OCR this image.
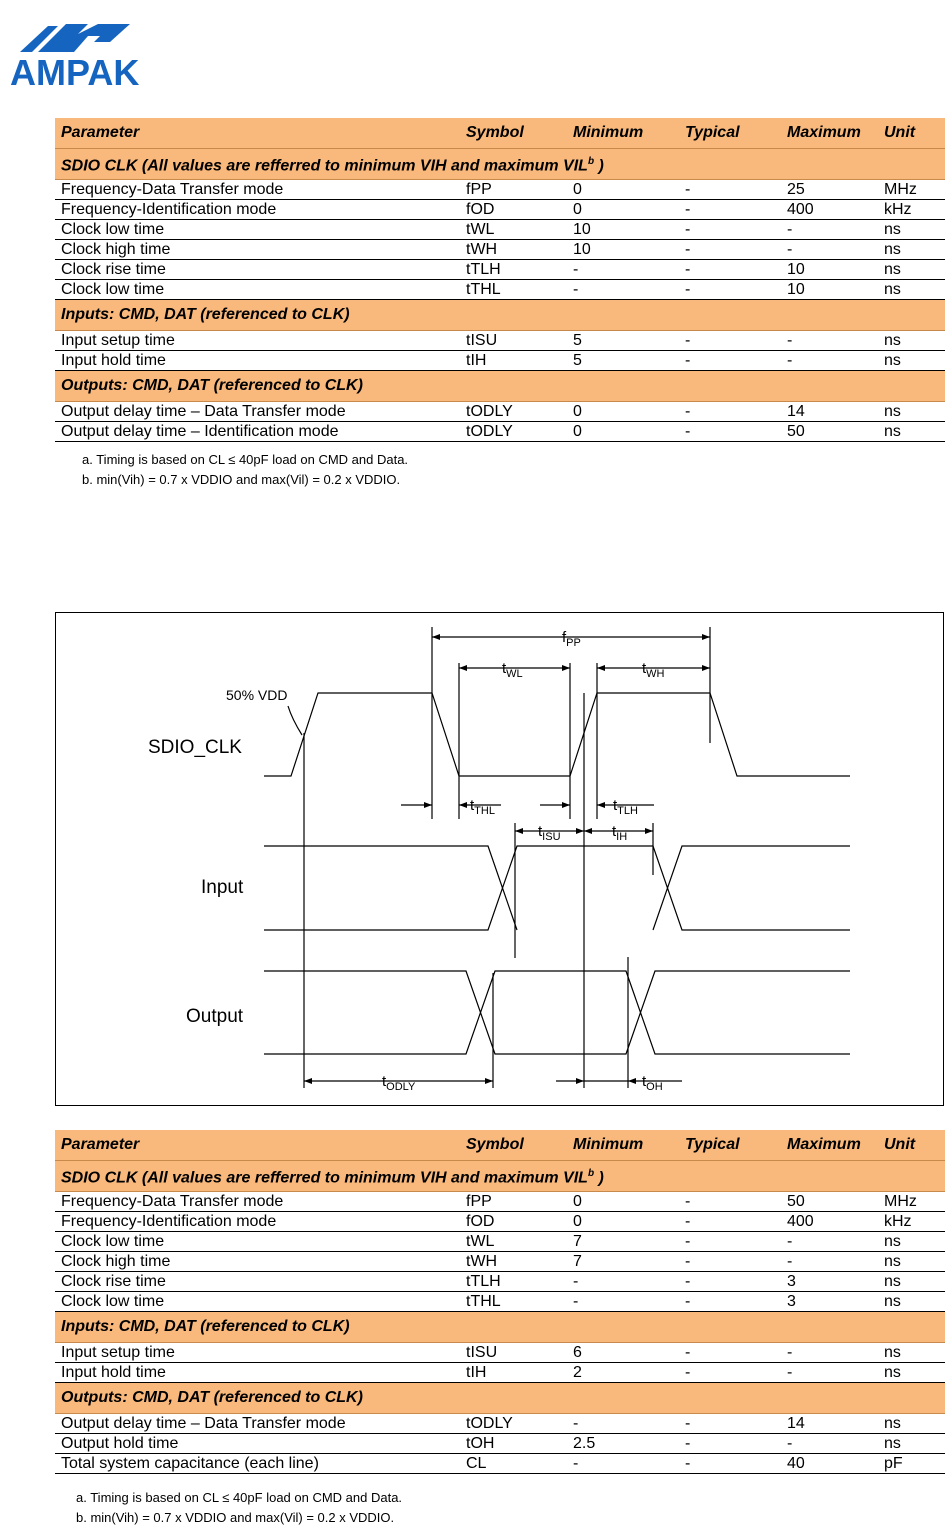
AMPAK
Parameter	Symbol	Minimum	Typical	Maximum	Unit
SDIO CLK (All values are refferred to minimum VIH and maximum VIL$^b$ )					
Frequency-Data Transfer mode	fPP	0	-	25	MHz
Frequency-Identification mode	fOD	0	-	400	kHz
Clock low time	tWL	10	-	-	ns
Clock high time	tWH	10	-	-	ns
Clock rise time	tTLH	-	-	10	ns
Clock low time	tTHL	-	-	10	ns
Inputs: CMD, DAT (referenced to CLK)					
Input setup time	tISU	5	-	-	ns
Input hold time	tIH	5	-	-	ns
Outputs: CMD, DAT (referenced to CLK)					
Output delay time – Data Transfer mode	tODLY	0	-	14	ns
Output delay time – Identification mode	tODLY	0	-	50	ns
a. Timing is based on CL ≤ 40pF load on CMD and Data.
b. min(Vih) = 0.7 x VDDIO and max(Vil) = 0.2 x VDDIO.
SDIO_CLK
Input
Output
50% VDD
$f_{PP}$
$t_{WL}$	$t_{WH}$
$t_{THL}$	$t_{TLH}$
$t_{ISU}$	$t_{IH}$
$t_{ODLY}$	$t_{OH}$
Parameter	Symbol	Minimum	Typical	Maximum	Unit
SDIO CLK (All values are refferred to minimum VIH and maximum VIL$^b$ )					
Frequency-Data Transfer mode	fPP	0	-	50	MHz
Frequency-Identification mode	fOD	0	-	400	kHz
Clock low time	tWL	7	-	-	ns
Clock high time	tWH	7	-	-	ns
Clock rise time	tTLH	-	-	3	ns
Clock low time	tTHL	-	-	3	ns
Inputs: CMD, DAT (referenced to CLK)					
Input setup time	tISU	6	-	-	ns
Input hold time	tIH	2	-	-	ns
Outputs: CMD, DAT (referenced to CLK)					
Output delay time – Data Transfer mode	tODLY	-	-	14	ns
Output hold time	tOH	2.5	-	-	ns
Total system capacitance (each line)	CL	-	-	40	pF
a. Timing is based on CL ≤ 40pF load on CMD and Data.
b. min(Vih) = 0.7 x VDDIO and max(Vil) = 0.2 x VDDIO.
